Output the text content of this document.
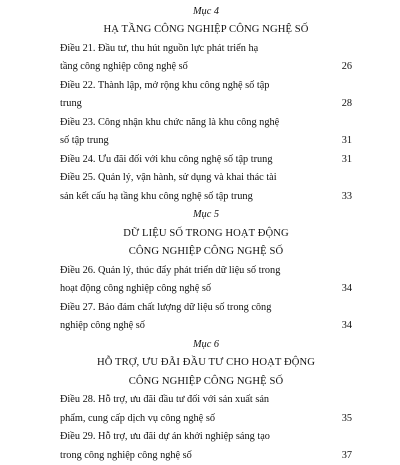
Mục 4
HẠ TẦNG CÔNG NGHIỆP CÔNG NGHỆ SỐ
Điều 21. Đầu tư, thu hút nguồn lực phát triển hạ
tầng công nghiệp công nghệ số	26
Điều 22. Thành lập, mở rộng khu công nghệ số tập
trung	28
Điều 23. Công nhận khu chức năng là khu công nghệ
số tập trung	31
Điều 24. Ưu đãi đối với khu công nghệ số tập trung	31
Điều 25. Quản lý, vận hành, sử dụng và khai thác tài
sản kết cấu hạ tầng khu công nghệ số tập trung	33
Mục 5
DỮ LIỆU SỐ TRONG HOẠT ĐỘNG
CÔNG NGHIỆP CÔNG NGHỆ SỐ
Điều 26. Quản lý, thúc đẩy phát triển dữ liệu số trong
hoạt động công nghiệp công nghệ số	34
Điều 27. Bảo đảm chất lượng dữ liệu số trong công
nghiệp công nghệ số	34
Mục 6
HỖ TRỢ, ƯU ĐÃI ĐẦU TƯ CHO HOẠT ĐỘNG
CÔNG NGHIỆP CÔNG NGHỆ SỐ
Điều 28. Hỗ trợ, ưu đãi đầu tư đối với sản xuất sản
phẩm, cung cấp dịch vụ công nghệ số	35
Điều 29. Hỗ trợ, ưu đãi dự án khởi nghiệp sáng tạo
trong công nghiệp công nghệ số	37
